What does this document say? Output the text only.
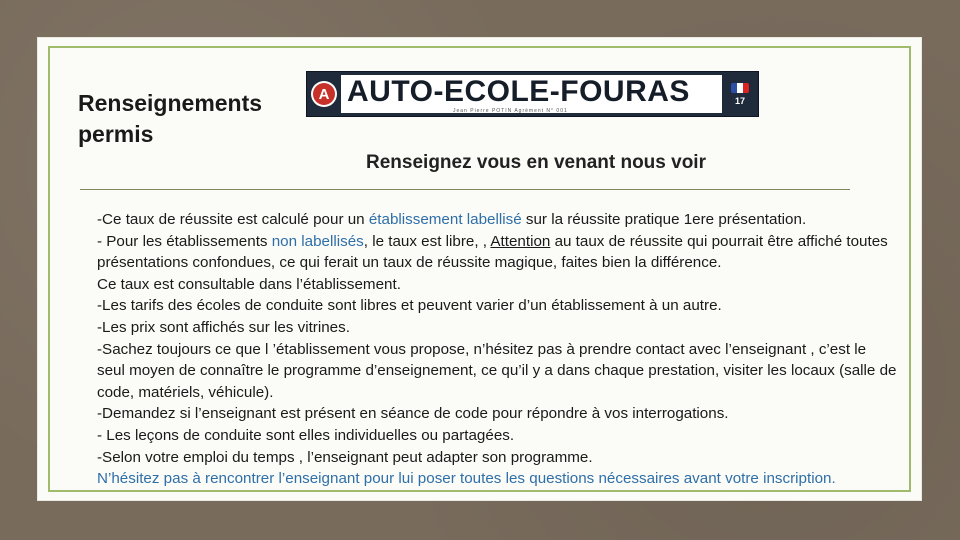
Renseignements permis
A AUTO-ECOLE-FOURAS
Jean Pierre POTIN Agrément N° 001
17
Renseignez vous en venant nous voir

-Ce taux de réussite est calculé pour un établissement labellisé sur la réussite pratique 1ere présentation.

- Pour les établissements non labellisés, le taux est libre, , Attention au taux de réussite qui pourrait être affiché toutes présentations confondues, ce qui ferait un taux de réussite magique, faites bien la différence.

Ce taux est consultable dans l’établissement.

-Les tarifs des écoles de conduite sont libres et peuvent varier d’un établissement à un autre.

-Les prix sont affichés sur les vitrines.

-Sachez toujours ce que l ’établissement vous propose, n’hésitez pas à prendre contact avec l’enseignant , c’est le seul moyen de connaître le programme d’enseignement, ce qu’il y a dans chaque prestation, visiter les locaux (salle de code, matériels, véhicule).

-Demandez si l’enseignant est présent en séance de code pour répondre à vos interrogations.

- Les leçons de conduite sont elles individuelles ou partagées.

-Selon votre emploi du temps , l’enseignant peut adapter son programme.

N’hésitez pas à rencontrer l’enseignant pour lui poser toutes les questions nécessaires avant votre inscription.
